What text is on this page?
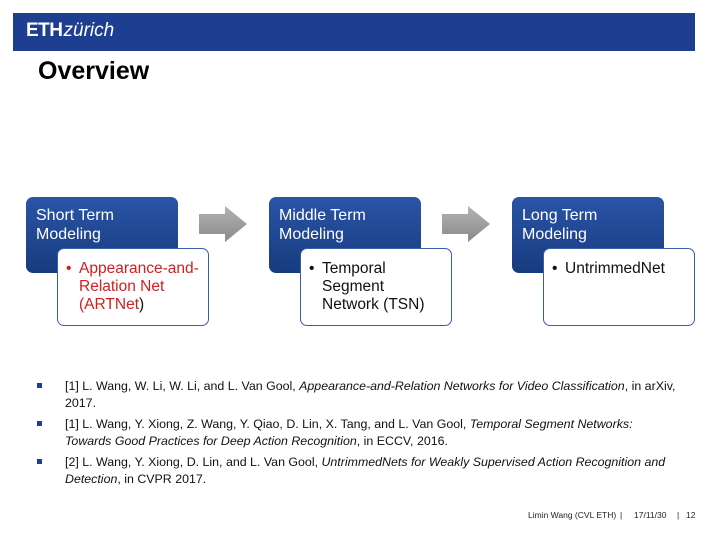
ETHzürich
Overview
Short Term Modeling
• Appearance-and-Relation Net (ARTNet)
Middle Term Modeling
• Temporal Segment Network (TSN)
Long Term Modeling
• UntrimmedNet
[1] L. Wang, W. Li, W. Li, and L. Van Gool, Appearance-and-Relation Networks for Video Classification, in arXiv, 2017.
[1] L. Wang, Y. Xiong, Z. Wang, Y. Qiao, D. Lin, X. Tang, and L. Van Gool, Temporal Segment Networks: Towards Good Practices for Deep Action Recognition, in ECCV, 2016.
[2] L. Wang, Y. Xiong, D. Lin, and L. Van Gool, UntrimmedNets for Weakly Supervised Action Recognition and Detection, in CVPR 2017.
Limin Wang (CVL ETH) | 17/11/30 | 12
